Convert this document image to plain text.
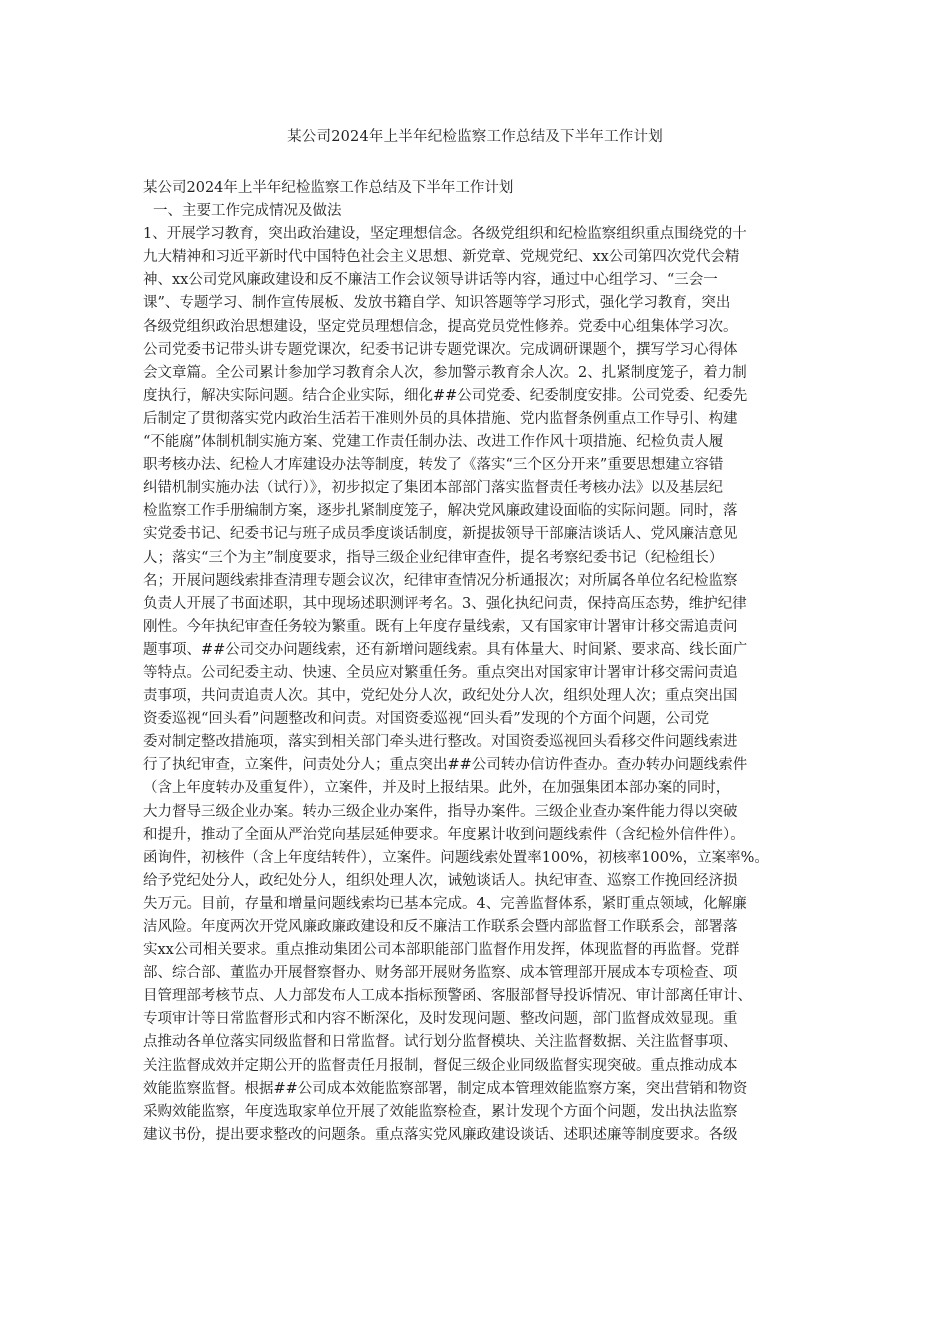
某公司2024年上半年纪检监察工作总结及下半年工作计划
某公司2024年上半年纪检监察工作总结及下半年工作计划
一、主要工作完成情况及做法
1、开展学习教育，突出政治建设，坚定理想信念。各级党组织和纪检监察组织重点围绕党的十
九大精神和习近平新时代中国特色社会主义思想、新党章、党规党纪、xx公司第四次党代会精
神、xx公司党风廉政建设和反不廉洁工作会议领导讲话等内容，通过中心组学习、“三会一
课”、专题学习、制作宣传展板、发放书籍自学、知识答题等学习形式，强化学习教育，突出
各级党组织政治思想建设，坚定党员理想信念，提高党员党性修养。党委中心组集体学习次。
公司党委书记带头讲专题党课次，纪委书记讲专题党课次。完成调研课题个，撰写学习心得体
会文章篇。全公司累计参加学习教育余人次，参加警示教育余人次。2、扎紧制度笼子，着力制
度执行，解决实际问题。结合企业实际，细化##公司党委、纪委制度安排。公司党委、纪委先
后制定了贯彻落实党内政治生活若干准则外员的具体措施、党内监督条例重点工作导引、构建
“不能腐”体制机制实施方案、党建工作责任制办法、改进工作作风十项措施、纪检负责人履
职考核办法、纪检人才库建设办法等制度，转发了《落实“三个区分开来”重要思想建立容错
纠错机制实施办法（试行）》，初步拟定了集团本部部门落实监督责任考核办法》以及基层纪
检监察工作手册编制方案，逐步扎紧制度笼子，解决党风廉政建设面临的实际问题。同时，落
实党委书记、纪委书记与班子成员季度谈话制度，新提拔领导干部廉洁谈话人、党风廉洁意见
人；落实“三个为主”制度要求，指导三级企业纪律审查件，提名考察纪委书记（纪检组长）
名；开展问题线索排查清理专题会议次，纪律审查情况分析通报次；对所属各单位名纪检监察
负责人开展了书面述职，其中现场述职测评考名。3、强化执纪问责，保持高压态势，维护纪律
刚性。今年执纪审查任务较为繁重。既有上年度存量线索，又有国家审计署审计移交需追责问
题事项、##公司交办问题线索，还有新增问题线索。具有体量大、时间紧、要求高、线长面广
等特点。公司纪委主动、快速、全员应对繁重任务。重点突出对国家审计署审计移交需问责追
责事项，共问责追责人次。其中，党纪处分人次，政纪处分人次，组织处理人次；重点突出国
资委巡视“回头看”问题整改和问责。对国资委巡视“回头看”发现的个方面个问题，公司党
委对制定整改措施项，落实到相关部门牵头进行整改。对国资委巡视回头看移交件问题线索进
行了执纪审查，立案件，问责处分人；重点突出##公司转办信访件查办。查办转办问题线索件
（含上年度转办及重复件），立案件，并及时上报结果。此外，在加强集团本部办案的同时，
大力督导三级企业办案。转办三级企业办案件，指导办案件。三级企业查办案件能力得以突破
和提升，推动了全面从严治党向基层延伸要求。年度累计收到问题线索件（含纪检外信件件）。
函询件，初核件（含上年度结转件），立案件。问题线索处置率100%，初核率100%，立案率%。
给予党纪处分人，政纪处分人，组织处理人次，诫勉谈话人。执纪审查、巡察工作挽回经济损
失万元。目前，存量和增量问题线索均已基本完成。4、完善监督体系，紧盯重点领域，化解廉
洁风险。年度两次开党风廉政廉政建设和反不廉洁工作联系会暨内部监督工作联系会，部署落
实xx公司相关要求。重点推动集团公司本部职能部门监督作用发挥，体现监督的再监督。党群
部、综合部、董监办开展督察督办、财务部开展财务监察、成本管理部开展成本专项检查、项
目管理部考核节点、人力部发布人工成本指标预警函、客服部督导投诉情况、审计部离任审计、
专项审计等日常监督形式和内容不断深化，及时发现问题、整改问题，部门监督成效显现。重
点推动各单位落实同级监督和日常监督。试行划分监督模块、关注监督数据、关注监督事项、
关注监督成效并定期公开的监督责任月报制，督促三级企业同级监督实现突破。重点推动成本
效能监察监督。根据##公司成本效能监察部署，制定成本管理效能监察方案，突出营销和物资
采购效能监察，年度选取家单位开展了效能监察检查，累计发现个方面个问题，发出执法监察
建议书份，提出要求整改的问题条。重点落实党风廉政建设谈话、述职述廉等制度要求。各级
